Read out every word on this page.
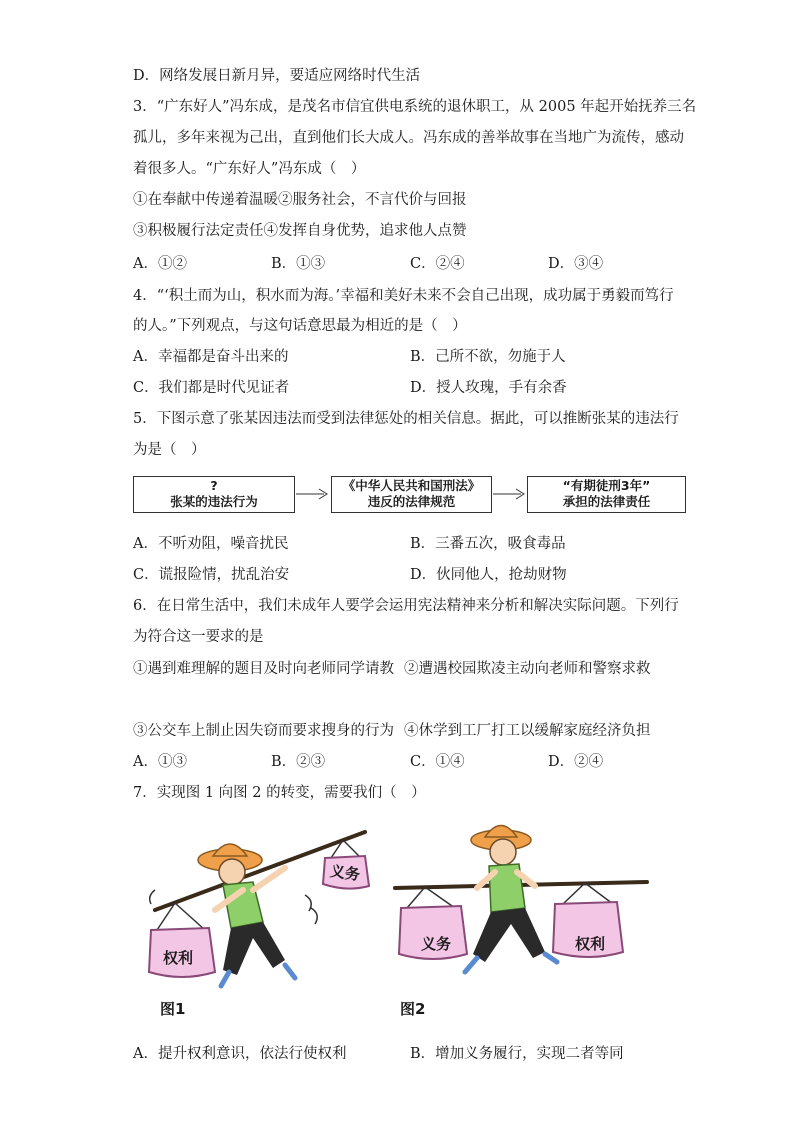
D．网络发展日新月异，要适应网络时代生活
3．“广东好人”冯东成，是茂名市信宜供电系统的退休职工，从 2005 年起开始抚养三名
孤儿，多年来视为己出，直到他们长大成人。冯东成的善举故事在当地广为流传，感动
着很多人。“广东好人”冯东成（　）
①在奉献中传递着温暖②服务社会，不言代价与回报
③积极履行法定责任④发挥自身优势，追求他人点赞
A．①②	B．①③	C．②④	D．③④
4．“‘积土而为山，积水而为海。’幸福和美好未来不会自己出现，成功属于勇毅而笃行
的人。”下列观点，与这句话意思最为相近的是（　）
A．幸福都是奋斗出来的	B．己所不欲，勿施于人
C．我们都是时代见证者	D．授人玫瑰，手有余香
5．下图示意了张某因违法而受到法律惩处的相关信息。据此，可以推断张某的违法行
为是（　）
?
张某的违法行为
《中华人民共和国刑法》
违反的法律规范
“有期徒刑3年”
承担的法律责任
A．不听劝阻，噪音扰民	B．三番五次，吸食毒品
C．谎报险情，扰乱治安	D．伙同他人，抢劫财物
6．在日常生活中，我们未成年人要学会运用宪法精神来分析和解决实际问题。下列行
为符合这一要求的是
①遇到难理解的题目及时向老师同学请教 ②遭遇校园欺凌主动向老师和警察求救
③公交车上制止因失窃而要求搜身的行为 ④休学到工厂打工以缓解家庭经济负担
A．①③	B．②③	C．①④	D．②④
7．实现图 1 向图 2 的转变，需要我们（　）
权利
义务
图1
义务	权利
图2
A．提升权利意识，依法行使权利	B．增加义务履行，实现二者等同
